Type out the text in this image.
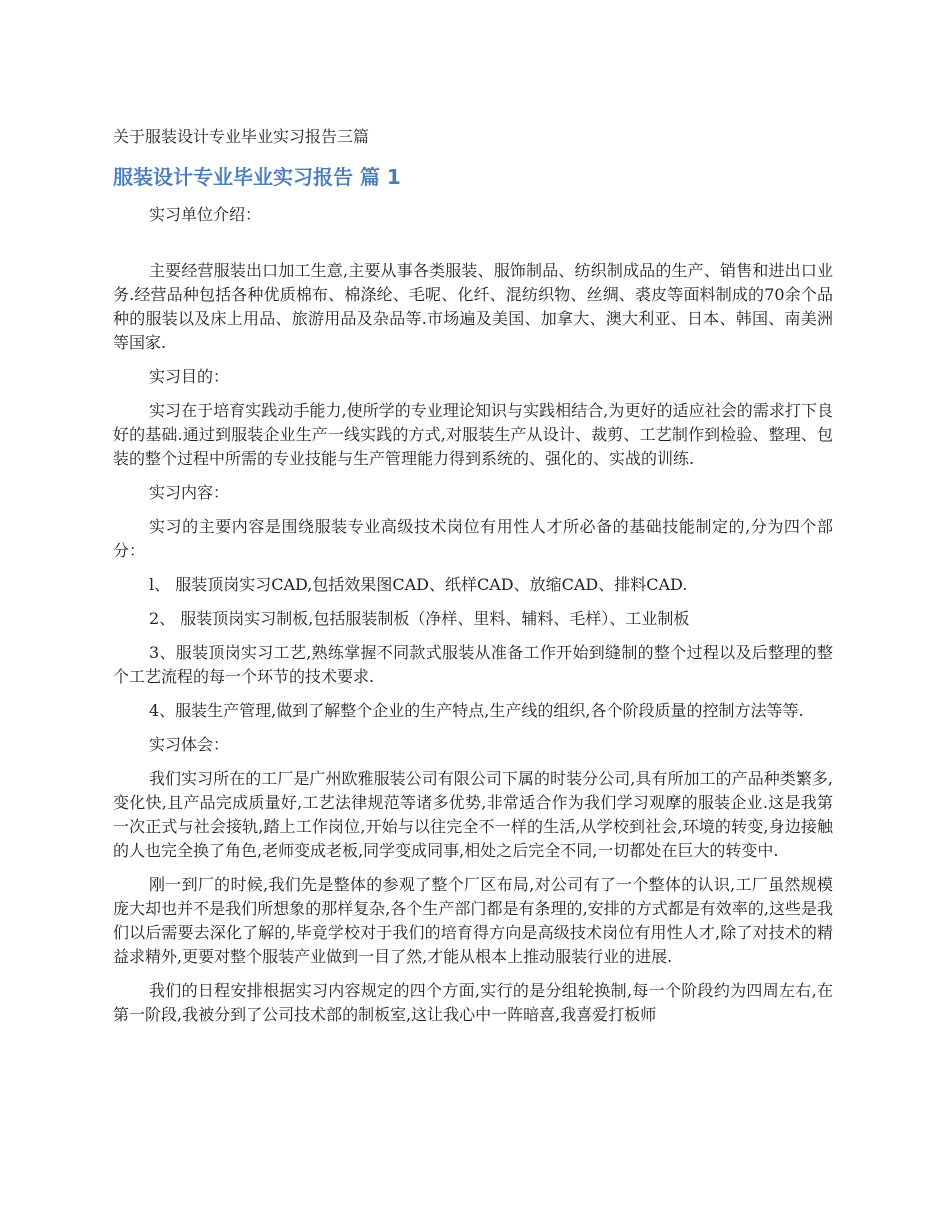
关于服装设计专业毕业实习报告三篇
服装设计专业毕业实习报告 篇 1

实习单位介绍：

主要经营服装出口加工生意,主要从事各类服装、服饰制品、纺织制成品的生产、销售和进出口业务.经营品种包括各种优质棉布、棉涤纶、毛呢、化纤、混纺织物、丝绸、裘皮等面料制成的70余个品种的服装以及床上用品、旅游用品及杂品等.市场遍及美国、加拿大、澳大利亚、日本、韩国、南美洲等国家.

实习目的：

实习在于培育实践动手能力,使所学的专业理论知识与实践相结合,为更好的适应社会的需求打下良好的基础.通过到服装企业生产一线实践的方式,对服装生产从设计、裁剪、工艺制作到检验、整理、包装的整个过程中所需的专业技能与生产管理能力得到系统的、强化的、实战的训练.

实习内容：

实习的主要内容是围绕服装专业高级技术岗位有用性人才所必备的基础技能制定的,分为四个部分：

l、 服装顶岗实习CAD,包括效果图CAD、纸样CAD、放缩CAD、排料CAD.

2、 服装顶岗实习制板,包括服装制板（净样、里料、辅料、毛样）、工业制板

3、服装顶岗实习工艺,熟练掌握不同款式服装从准备工作开始到缝制的整个过程以及后整理的整个工艺流程的每一个环节的技术要求.

4、服装生产管理,做到了解整个企业的生产特点,生产线的组织,各个阶段质量的控制方法等等.

实习体会：

我们实习所在的工厂是广州欧雅服装公司有限公司下属的时装分公司,具有所加工的产品种类繁多,变化快,且产品完成质量好,工艺法律规范等诸多优势,非常适合作为我们学习观摩的服装企业.这是我第一次正式与社会接轨,踏上工作岗位,开始与以往完全不一样的生活,从学校到社会,环境的转变,身边接触的人也完全换了角色,老师变成老板,同学变成同事,相处之后完全不同,一切都处在巨大的转变中.

刚一到厂的时候,我们先是整体的参观了整个厂区布局,对公司有了一个整体的认识,工厂虽然规模庞大却也并不是我们所想象的那样复杂,各个生产部门都是有条理的,安排的方式都是有效率的,这些是我们以后需要去深化了解的,毕竟学校对于我们的培育得方向是高级技术岗位有用性人才,除了对技术的精益求精外,更要对整个服装产业做到一目了然,才能从根本上推动服装行业的进展.

我们的日程安排根据实习内容规定的四个方面,实行的是分组轮换制,每一个阶段约为四周左右,在第一阶段,我被分到了公司技术部的制板室,这让我心中一阵暗喜,我喜爱打板师
